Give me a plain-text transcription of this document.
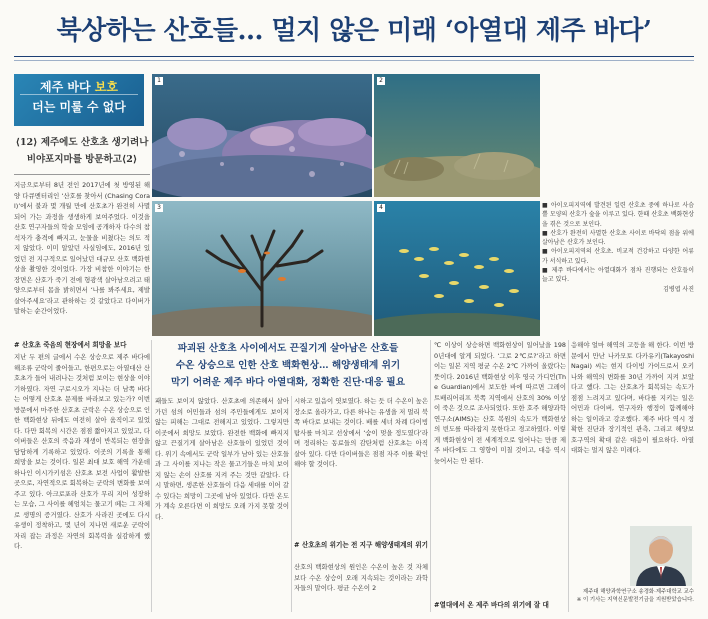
북상하는 산호들… 멀지 않은 미래 ‘아열대 제주 바다’
제주 바다 보호
더는 미룰 수 없다
⟨12⟩ 제주에도 산호초 생기려나
비야포지마를 방문하고⟨2⟩
지금으로부터 8년 전인 2017년에 첫 방영된 해양 다큐멘터리인 ‘산호를 찾아서 (Chasing Coral)’에서 불과 몇 개월 만에 산호초가 완전히 사멸되어 가는 과정을 생생하게 보여주었다. 이것을 산호 연구자들의 학술 모임에 공개하자 다수의 참석자가 충격에 빠지고, 눈물을 비쳤다는 의도 적지 않았다. 이미 알았던 사실임에도, 2016년 있었던 전 지구적으로 일어났던 대규모 산호 백화현상을 촬영한 것이었다. 가장 비참한 이야기는 한 장면은 산호가 죽기 전에 형광색 살아남으려고 태양으로부터 몸을 밝히면서 ‘나를 봐주세요, 제발 살아주세요’라고 관하하는 것 같았다고 다이버가 말하는 순간이었다.
1	2
3	4	■ 아이오피지역에 발견된 일련 산호초 중에 하나로 사슴뿔 모양의 산호가 숲을 이루고 있다. 한때 산호초 백화현상을 겪은 것으로 보인다.
■ 산호가 완전히 사멸한 산호초 사이로 바닥의 점을 위에 살아남은 산호가 보인다.
■ 아이오피지역의 산호초. 비교적 건강하고 다양한 어류가 서식하고 있다.
■ 제주 바다에서는 아열대화가 점차 진행되는 산호들이 늘고 있다.
김병엽 사진
# 산호초 죽음의 현장에서 희망을 보다
지난 두 편의 글에서 수온 상승으로 제주 바다에 해조류 군락이 줄어들고, 한편으로는 아열대산 산호초가 들어 내려나는 것처럼 보이는 현상을 이야기하였다. 자연 구로시오가 지나는 더 남쪽 바다는 어떻게 산호초 문제를 바라보고 있는가? 이번 방문에서 마주한 산호초 군락은 수온 상승으로 인한 백화현상 뒤에도 여전히 살아 움직이고 있었다. 다만 회복의 시간은 점점 짧아지고 있었고, 다이버들은 산호의 죽음과 재생이 반복되는 현장을 담담하게 기록하고 있었다. 이곳의 기록을 통해 희망을 보는 것이다. 일본 최대 보호 해역 가운데 하나인 이시가키섬은 산호초 보전 사업이 활발한 곳으로, 자연적으로 회복하는 군락의 변화를 보여 주고 있다. 아크로포라 산호가 무리 지어 성장하는 모습, 그 사이를 헤엄치는 물고기 떼는 그 자체로 생명의 증거였다. 산호가 사라진 곳에도 다시 유생이 정착하고, 몇 년이 지나면 새로운 군락이 자리 잡는 과정은 자연의 회복력을 실감하게 했다.
파괴된 산호초 사이에서도 끈질기게 살아남은 산호들
수온 상승으로 인한 산호 백화현상… 해양생태계 위기
막기 어려운 제주 바다 아열대화, 정확한 진단·대응 필요
패들도 보이지 않았다. 산호초에 의존해서 살아가던 섬의 어민들과 섬의 주민들에게도 보이지 않는 피해는 그대로 전해지고 있었다. 그렇지만 이곳에서 희망도 보았다. 완전한 백화에 빠지지 않고 끈질기게 살아남은 산호들이 있었던 것이다. 위기 속에서도 군락 일부가 남아 있는 산호들과 그 사이를 지나는 작은 물고기들은 마치 보이지 않는 손이 산호를 지켜 주는 것만 같았다. 다시 말하면, 생존한 산호들이 다음 세대를 이어 갈 수 있다는 희망이 그곳에 남아 있었다. 다만 온도가 계속 오른다면 이 희망도 오래 가지 못할 것이다.
시하고 있음이 엿보였다. 하는 듯 더 수온이 높은 장소로 올라가고, 다른 하나는 유생을 저 멀리 북쪽 바다로 보내는 것이다. 배를 세너 차례 다이빙 탐사를 마치고 선상에서 ‘숨이 멎을 정도였다’라며 정리하는 동료들의 감탄처럼 산호초는 아직 살아 있다. 다만 다이버들은 점점 자주 이를 확인해야 할 것이다.
# 산호초의 위기는 전 지구 해양생태계의 위기
산호의 백화현상의 원인은 수온이 높은 것 자체보다 수온 상승이 오래 지속되는 것이라는 과학자들의 말이다. 평균 수온이 2
℃ 이상이 상승하면 백화현상이 일어났을 1980년대에 알게 되었다. ‘그로 2℃로?’라고 하면 이는 일본 지역 평균 수온 2℃ 가까이 올랐다는 뜻이다. 2016년 백화현상 이후 영국 가디언(The Guardian)에서 보도한 바에 따르면 그레이트배리어리프 북쪽 지역에서 산호의 30% 이상이 죽은 것으로 조사되었다. 또한 호주 해양과학연구소(AIMS)는 산호 복원의 속도가 백화현상의 빈도를 따라잡지 못한다고 경고하였다. 이렇게 백화현상이 전 세계적으로 일어나는 만큼 제주 바다에도 그 영향이 미칠 것이고, 대응 역시 늦어서는 안 된다.
#열대에서 온 제주 바다의 위기에 잘 대
응해야 얼마 해역의 고등을 해 한다. 이번 방문에서 만난 나카모토 다카유키(Takayoshi Nagai) 씨는 현지 다이빙 가이드로서 오키나와 해역의 변화를 30년 가까이 지켜 보았다고 했다. 그는 산호초가 회복되는 속도가 점점 느려지고 있다며, 바다를 지키는 일은 어민과 다이버, 연구자와 행정이 함께해야 하는 일이라고 강조했다. 제주 바다 역시 정확한 진단과 장기적인 관측, 그리고 해양보호구역의 확대 같은 대응이 필요하다. 아열대화는 멀지 않은 미래다.
제주대 해양과학연구소 송경화·제주대학교 교수
※ 이 기사는 지역신문발전기금을 지원받았습니다.
